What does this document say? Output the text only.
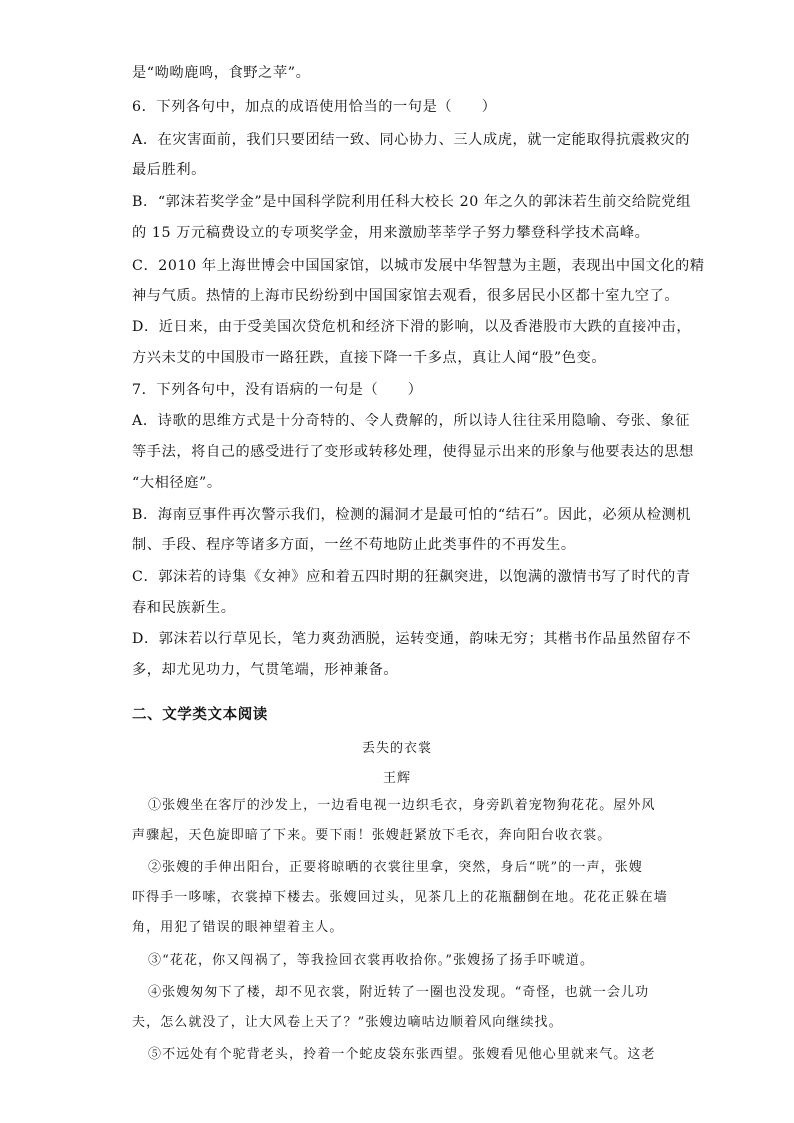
是“呦呦鹿鸣，食野之苹”。
6．下列各句中，加点的成语使用恰当的一句是（　　）
A．在灾害面前，我们只要团结一致、同心协力、三人成虎，就一定能取得抗震救灾的
最后胜利。
B．“郭沫若奖学金”是中国科学院利用任科大校长 20 年之久的郭沫若生前交给院党组
的 15 万元稿费设立的专项奖学金，用来激励莘莘学子努力攀登科学技术高峰。
C．2010 年上海世博会中国国家馆，以城市发展中华智慧为主题，表现出中国文化的精
神与气质。热情的上海市民纷纷到中国国家馆去观看，很多居民小区都十室九空了。
D．近日来，由于受美国次贷危机和经济下滑的影响，以及香港股市大跌的直接冲击，
方兴未艾的中国股市一路狂跌，直接下降一千多点，真让人闻“股”色变。
7．下列各句中，没有语病的一句是（　　）
A．诗歌的思维方式是十分奇特的、令人费解的，所以诗人往往采用隐喻、夸张、象征
等手法，将自己的感受进行了变形或转移处理，使得显示出来的形象与他要表达的思想
“大相径庭”。
B．海南豆事件再次警示我们，检测的漏洞才是最可怕的“结石”。因此，必须从检测机
制、手段、程序等诸多方面，一丝不苟地防止此类事件的不再发生。
C．郭沫若的诗集《女神》应和着五四时期的狂飙突进，以饱满的激情书写了时代的青
春和民族新生。
D．郭沫若以行草见长，笔力爽劲洒脱，运转变通，韵味无穷；其楷书作品虽然留存不
多，却尤见功力，气贯笔端，形神兼备。
二、文学类文本阅读
丢失的衣裳
王辉
①张嫂坐在客厅的沙发上，一边看电视一边织毛衣，身旁趴着宠物狗花花。屋外风
声骤起，天色旋即暗了下来。要下雨！张嫂赶紧放下毛衣，奔向阳台收衣裳。
②张嫂的手伸出阳台，正要将晾晒的衣裳往里拿，突然，身后“咣”的一声，张嫂
吓得手一哆嗦，衣裳掉下楼去。张嫂回过头，见茶几上的花瓶翻倒在地。花花正躲在墙
角，用犯了错误的眼神望着主人。
③“花花，你又闯祸了，等我捡回衣裳再收拾你。”张嫂扬了扬手吓唬道。
④张嫂匆匆下了楼，却不见衣裳，附近转了一圈也没发现。“奇怪，也就一会儿功
夫，怎么就没了，让大风卷上天了？”张嫂边嘀咕边顺着风向继续找。
⑤不远处有个驼背老头，拎着一个蛇皮袋东张西望。张嫂看见他心里就来气。这老
